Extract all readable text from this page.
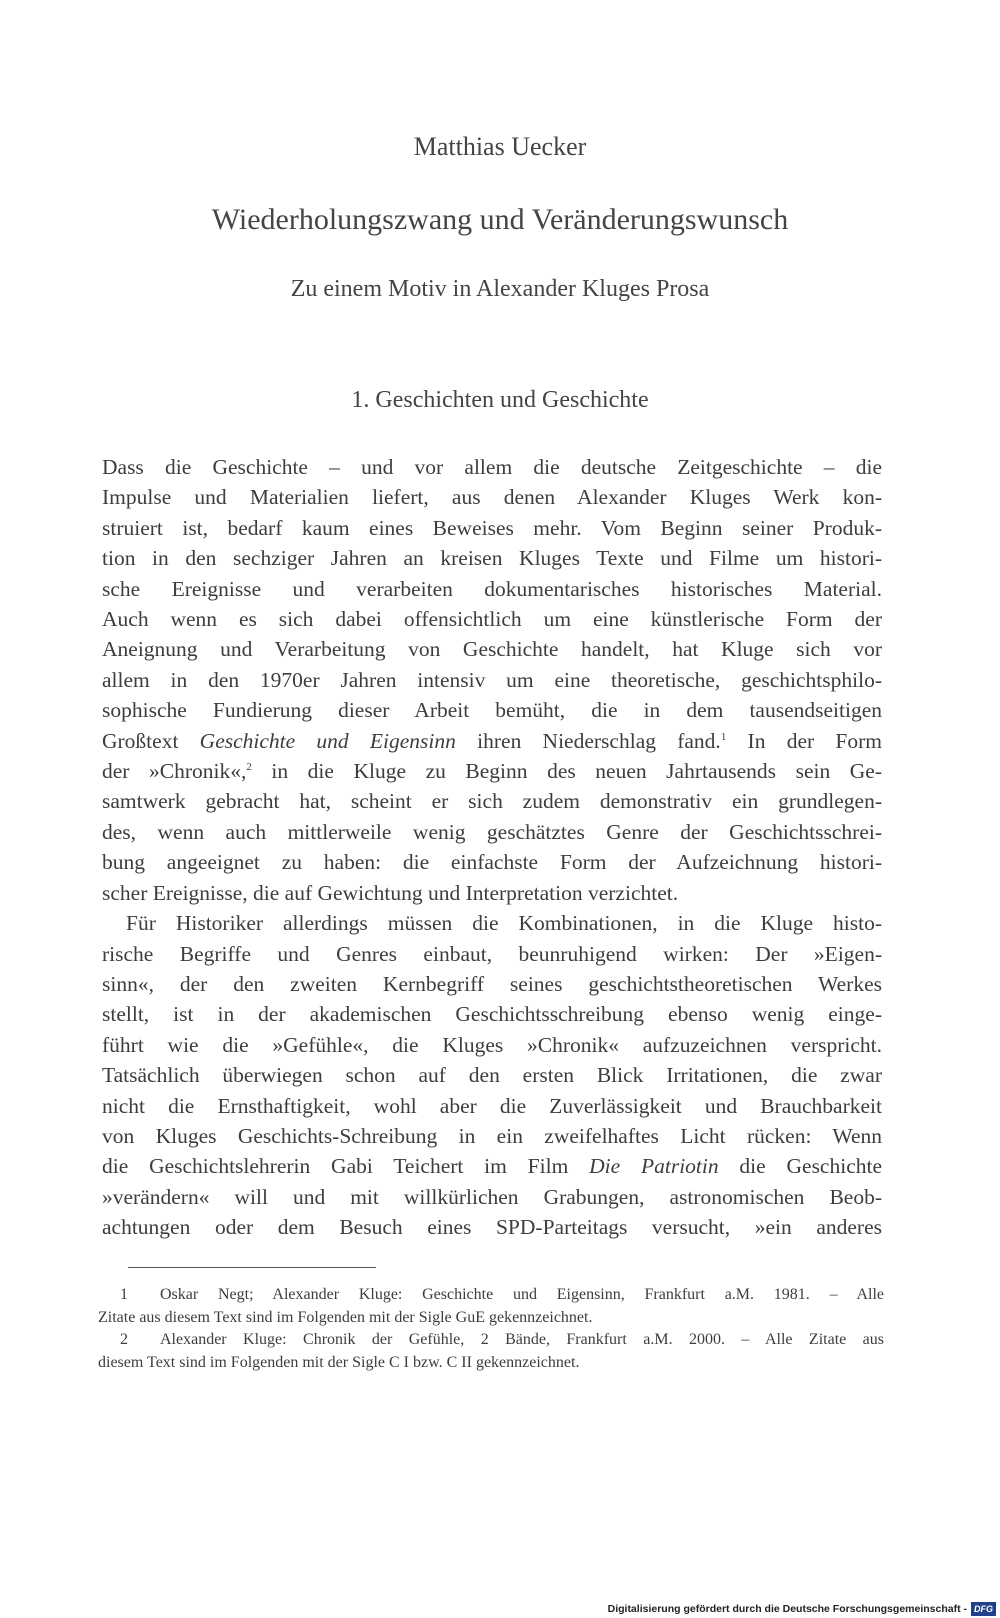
Matthias Uecker
Wiederholungszwang und Veränderungswunsch
Zu einem Motiv in Alexander Kluges Prosa
1. Geschichten und Geschichte

Dass die Geschichte – und vor allem die deutsche Zeitgeschichte – die
Impulse und Materialien liefert, aus denen Alexander Kluges Werk kon-
struiert ist, bedarf kaum eines Beweises mehr. Vom Beginn seiner Produk-
tion in den sechziger Jahren an kreisen Kluges Texte und Filme um histori-
sche Ereignisse und verarbeiten dokumentarisches historisches Material.
Auch wenn es sich dabei offensichtlich um eine künstlerische Form der
Aneignung und Verarbeitung von Geschichte handelt, hat Kluge sich vor
allem in den 1970er Jahren intensiv um eine theoretische, geschichtsphilo-
sophische Fundierung dieser Arbeit bemüht, die in dem tausendseitigen
Großtext Geschichte und Eigensinn ihren Niederschlag fand.$^1$ In der Form
der »Chronik«,$^2$ in die Kluge zu Beginn des neuen Jahrtausends sein Ge-
samtwerk gebracht hat, scheint er sich zudem demonstrativ ein grundlegen-
des, wenn auch mittlerweile wenig geschätztes Genre der Geschichtsschrei-
bung angeeignet zu haben: die einfachste Form der Aufzeichnung histori-
scher Ereignisse, die auf Gewichtung und Interpretation verzichtet.

Für Historiker allerdings müssen die Kombinationen, in die Kluge histo-
rische Begriffe und Genres einbaut, beunruhigend wirken: Der »Eigen-
sinn«, der den zweiten Kernbegriff seines geschichtstheoretischen Werkes
stellt, ist in der akademischen Geschichtsschreibung ebenso wenig einge-
führt wie die »Gefühle«, die Kluges »Chronik« aufzuzeichnen verspricht.
Tatsächlich überwiegen schon auf den ersten Blick Irritationen, die zwar
nicht die Ernsthaftigkeit, wohl aber die Zuverlässigkeit und Brauchbarkeit
von Kluges Geschichts-Schreibung in ein zweifelhaftes Licht rücken: Wenn
die Geschichtslehrerin Gabi Teichert im Film Die Patriotin die Geschichte
»verändern« will und mit willkürlichen Grabungen, astronomischen Beob-
achtungen oder dem Besuch eines SPD-Parteitags versucht, »ein anderes

1 Oskar Negt; Alexander Kluge: Geschichte und Eigensinn, Frankfurt a.M. 1981. – Alle
Zitate aus diesem Text sind im Folgenden mit der Sigle GuE gekennzeichnet.
2 Alexander Kluge: Chronik der Gefühle, 2 Bände, Frankfurt a.M. 2000. – Alle Zitate aus
diesem Text sind im Folgenden mit der Sigle C I bzw. C II gekennzeichnet.
Digitalisierung gefördert durch die Deutsche Forschungsgemeinschaft - DFG
